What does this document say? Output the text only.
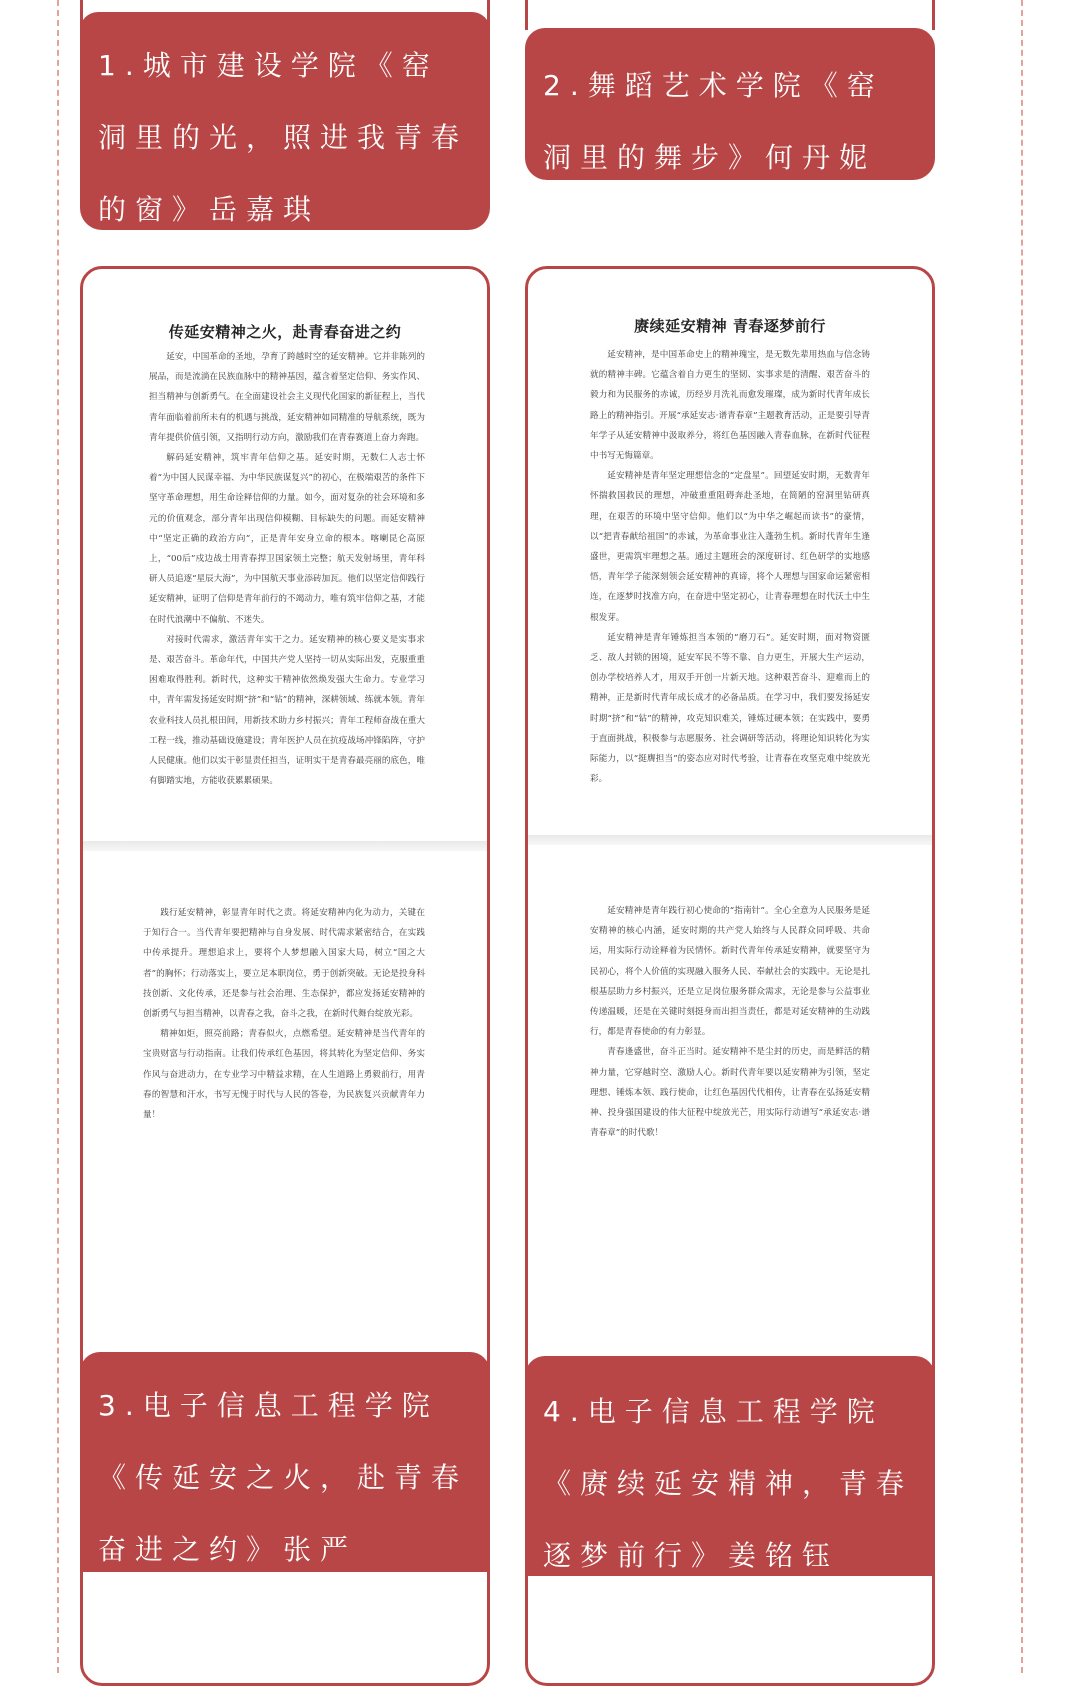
1.城市建设学院《窑洞里的光，照进我青春的窗》岳嘉琪
2.舞蹈艺术学院《窑洞里的舞步》何丹妮
传延安精神之火，赴青春奋进之约

延安，中国革命的圣地，孕育了跨越时空的延安精神。它并非陈列的展品，而是流淌在民族血脉中的精神基因，蕴含着坚定信仰、务实作风、担当精神与创新勇气。在全面建设社会主义现代化国家的新征程上，当代青年面临着前所未有的机遇与挑战，延安精神如同精准的导航系统，既为青年提供价值引领，又指明行动方向，激励我们在青春赛道上奋力奔跑。

解码延安精神，筑牢青年信仰之基。延安时期，无数仁人志士怀着“为中国人民谋幸福、为中华民族谋复兴”的初心，在极端艰苦的条件下坚守革命理想，用生命诠释信仰的力量。如今，面对复杂的社会环境和多元的价值观念，部分青年出现信仰模糊、目标缺失的问题。而延安精神中“坚定正确的政治方向”，正是青年安身立命的根本。喀喇昆仑高原上，“00后”戍边战士用青春捍卫国家领土完整；航天发射场里，青年科研人员追逐“星辰大海”，为中国航天事业添砖加瓦。他们以坚定信仰践行延安精神，证明了信仰是青年前行的不竭动力，唯有筑牢信仰之基，才能在时代浪潮中不偏航、不迷失。

对接时代需求，激活青年实干之力。延安精神的核心要义是实事求是、艰苦奋斗。革命年代，中国共产党人坚持一切从实际出发，克服重重困难取得胜利。新时代，这种实干精神依然焕发强大生命力。专业学习中，青年需发扬延安时期“挤”和“钻”的精神，深耕领域、练就本领。青年农业科技人员扎根田间，用新技术助力乡村振兴；青年工程师奋战在重大工程一线，推动基础设施建设；青年医护人员在抗疫战场冲锋陷阵，守护人民健康。他们以实干彰显责任担当，证明实干是青春最亮丽的底色，唯有脚踏实地，方能收获累累硕果。

践行延安精神，彰显青年时代之责。将延安精神内化为动力，关键在于知行合一。当代青年要把精神与自身发展、时代需求紧密结合，在实践中传承提升。理想追求上，要将个人梦想融入国家大局，树立“国之大者”的胸怀；行动落实上，要立足本职岗位，勇于创新突破。无论是投身科技创新、文化传承，还是参与社会治理、生态保护，都应发扬延安精神的创新勇气与担当精神，以青春之我，奋斗之我，在新时代舞台绽放光彩。

精神如炬，照亮前路；青春似火，点燃希望。延安精神是当代青年的宝贵财富与行动指南。让我们传承红色基因，将其转化为坚定信仰、务实作风与奋进动力，在专业学习中精益求精，在人生道路上勇毅前行，用青春的智慧和汗水，书写无愧于时代与人民的答卷，为民族复兴贡献青年力量！

3.电子信息工程学院《传延安之火，赴青春奋进之约》张严
赓续延安精神 青春逐梦前行

延安精神，是中国革命史上的精神瑰宝，是无数先辈用热血与信念铸就的精神丰碑。它蕴含着自力更生的坚韧、实事求是的清醒、艰苦奋斗的毅力和为民服务的赤诚，历经岁月洗礼而愈发璀璨，成为新时代青年成长路上的精神指引。开展“承延安志·谱青春章”主题教育活动，正是要引导青年学子从延安精神中汲取养分，将红色基因融入青春血脉，在新时代征程中书写无悔篇章。

延安精神是青年坚定理想信念的“定盘星”。回望延安时期，无数青年怀揣救国救民的理想，冲破重重阻碍奔赴圣地，在简陋的窑洞里钻研真理，在艰苦的环境中坚守信仰。他们以“为中华之崛起而读书”的豪情，以“把青春献给祖国”的赤诚，为革命事业注入蓬勃生机。新时代青年生逢盛世，更需筑牢理想之基。通过主题班会的深度研讨、红色研学的实地感悟，青年学子能深刻领会延安精神的真谛，将个人理想与国家命运紧密相连，在逐梦时找准方向，在奋进中坚定初心，让青春理想在时代沃土中生根发芽。

延安精神是青年锤炼担当本领的“磨刀石”。延安时期，面对物资匮乏、敌人封锁的困境，延安军民不等不靠、自力更生，开展大生产运动，创办学校培养人才，用双手开创一片新天地。这种艰苦奋斗、迎难而上的精神，正是新时代青年成长成才的必备品质。在学习中，我们要发扬延安时期“挤”和“钻”的精神，攻克知识难关，锤炼过硬本领；在实践中，要勇于直面挑战，积极参与志愿服务、社会调研等活动，将理论知识转化为实际能力，以“挺膺担当”的姿态应对时代考验，让青春在攻坚克难中绽放光彩。

延安精神是青年践行初心使命的“指南针”。全心全意为人民服务是延安精神的核心内涵，延安时期的共产党人始终与人民群众同呼吸、共命运，用实际行动诠释着为民情怀。新时代青年传承延安精神，就要坚守为民初心，将个人价值的实现融入服务人民、奉献社会的实践中。无论是扎根基层助力乡村振兴，还是立足岗位服务群众需求，无论是参与公益事业传递温暖，还是在关键时刻挺身而出担当责任，都是对延安精神的生动践行，都是青春使命的有力彰显。

青春逢盛世，奋斗正当时。延安精神不是尘封的历史，而是鲜活的精神力量，它穿越时空、激励人心。新时代青年要以延安精神为引领，坚定理想、锤炼本领、践行使命，让红色基因代代相传，让青春在弘扬延安精神、投身强国建设的伟大征程中绽放光芒，用实际行动谱写“承延安志·谱青春章”的时代歌！

4.电子信息工程学院《赓续延安精神，青春逐梦前行》姜铭钰
